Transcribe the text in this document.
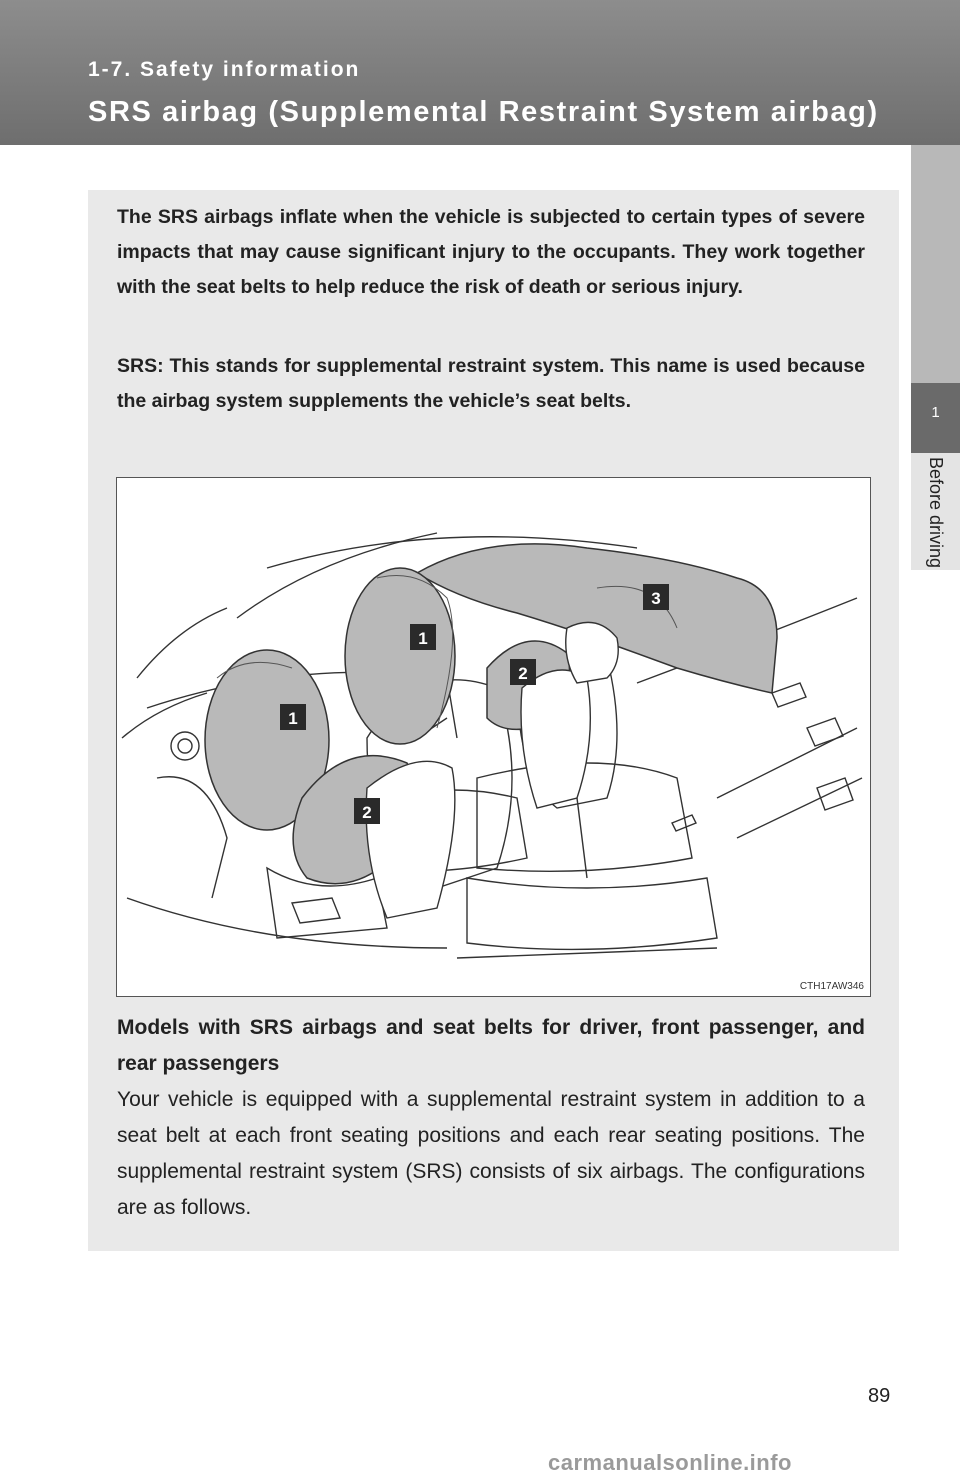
1-7. Safety information
SRS airbag (Supplemental Restraint System airbag)
1
Before driving
The SRS airbags inflate when the vehicle is subjected to certain types of severe impacts that may cause significant injury to the occupants. They work together with the seat belts to help reduce the risk of death or serious injury.
SRS: This stands for supplemental restraint system. This name is used because the airbag system supplements the vehicle’s seat belts.
1
1
2
2
3
CTH17AW346
Models with SRS airbags and seat belts for driver, front passenger, and rear passengers
Your vehicle is equipped with a supplemental restraint system in addition to a seat belt at each front seating positions and each rear seating positions. The supplemental restraint system (SRS) consists of six airbags. The configurations are as follows.
89
carmanualsonline.info
